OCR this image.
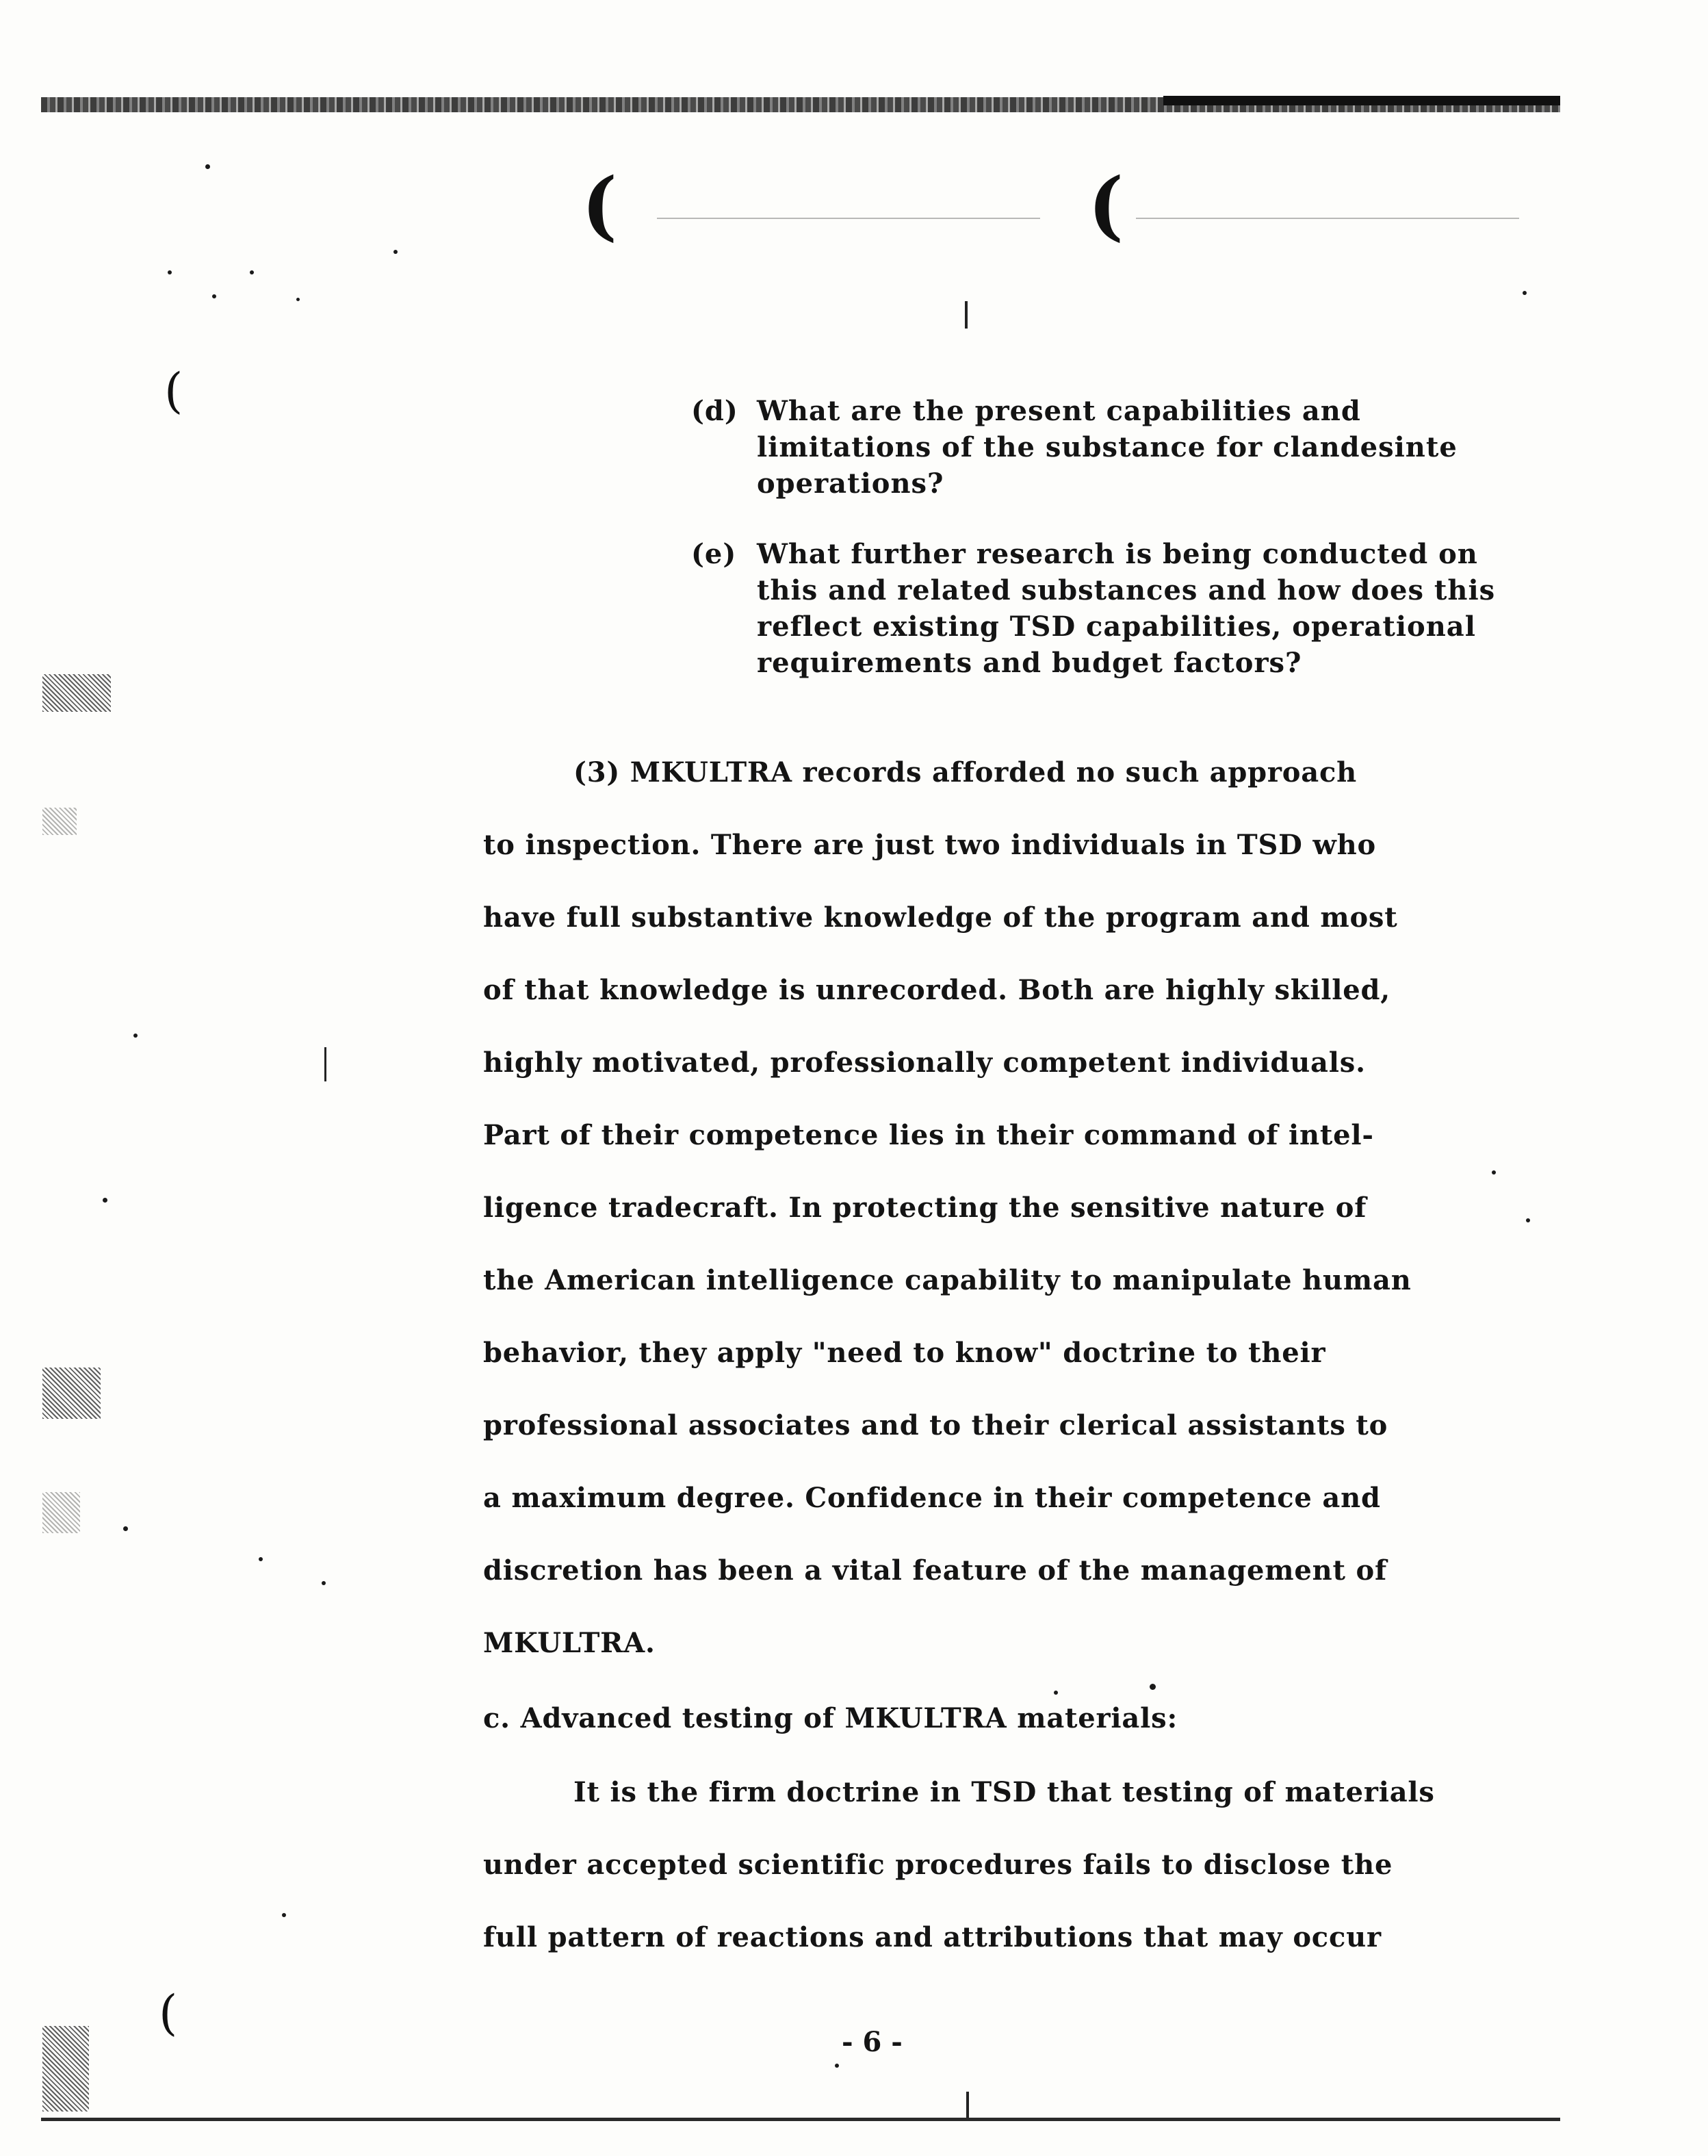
(	(
(
(
(d) What are the present capabilities and limitations of the substance for clandesinte operations?
(e) What further research is being conducted on this and related substances and how does this reflect existing TSD capabilities, operational requirements and budget factors?
(3) MKULTRA records afforded no such approach
to inspection. There are just two individuals in TSD who
have full substantive knowledge of the program and most
of that knowledge is unrecorded. Both are highly skilled,
highly motivated, professionally competent individuals.
Part of their competence lies in their command of intel-
ligence tradecraft. In protecting the sensitive nature of
the American intelligence capability to manipulate human
behavior, they apply "need to know" doctrine to their
professional associates and to their clerical assistants to
a maximum degree. Confidence in their competence and
discretion has been a vital feature of the management of
MKULTRA.
c. Advanced testing of MKULTRA materials:
It is the firm doctrine in TSD that testing of materials
under accepted scientific procedures fails to disclose the
full pattern of reactions and attributions that may occur
- 6 -
